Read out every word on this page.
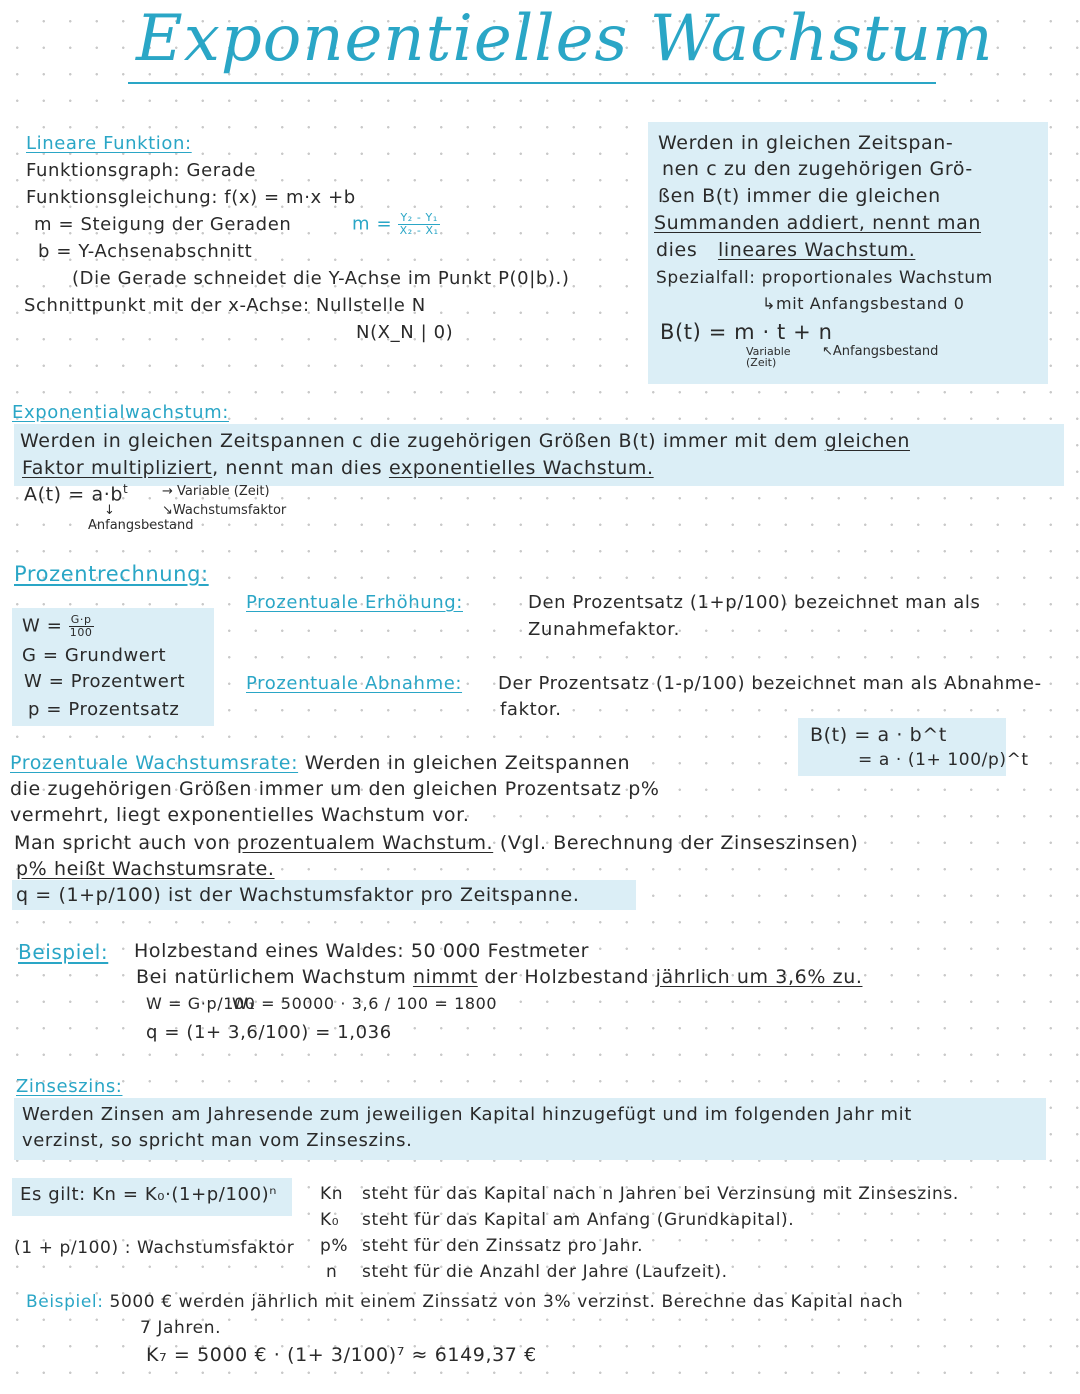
Exponentielles Wachstum
Lineare Funktion:
Funktionsgraph: Gerade
Funktionsgleichung: f(x) = m·x +b
m = Steigung der Geraden	$m = \frac{\text{Y₂ - Y₁}}{\text{X₂ - X₁}}$
b = Y-Achsenabschnitt
(Die Gerade schneidet die Y-Achse im Punkt P(0|b).)
Schnittpunkt mit der x-Achse: Nullstelle N
N(X_N | 0)
Werden in gleichen Zeitspan-
nen c zu den zugehörigen Grö-
ßen B(t) immer die gleichen
Summanden addiert, nennt man
dies lineares Wachstum.
Spezialfall: proportionales Wachstum
↳mit Anfangsbestand 0
B(t) = m · t + n
Variable (Zeit)
↖Anfangsbestand
Exponentialwachstum:
Werden in gleichen Zeitspannen c die zugehörigen Größen B(t) immer mit dem gleichen
Faktor multipliziert, nennt man dies exponentielles Wachstum.
$A(t) = a\cdot b^t$	→ Variable (Zeit)
↘Wachstumsfaktor
↓
Anfangsbestand
Prozentrechnung:
$W = \frac{G\cdot p}{100}$
G = Grundwert
W = Prozentwert
p = Prozentsatz
Prozentuale Erhöhung:	Den Prozentsatz (1+p/100) bezeichnet man als
Zunahmefaktor.
Prozentuale Abnahme: Der Prozentsatz (1-p/100) bezeichnet man als Abnahme-
faktor.
B(t) = a · b^t
= a · (1+ 100/p)^t
Prozentuale Wachstumsrate: Werden in gleichen Zeitspannen
die zugehörigen Größen immer um den gleichen Prozentsatz p%
vermehrt, liegt exponentielles Wachstum vor.
Man spricht auch von prozentualem Wachstum. (Vgl. Berechnung der Zinseszinsen)
p% heißt Wachstumsrate.
q = (1+p/100) ist der Wachstumsfaktor pro Zeitspanne.
Beispiel: Holzbestand eines Waldes: 50 000 Festmeter
Bei natürlichem Wachstum nimmt der Holzbestand jährlich um 3,6% zu.
W = G·p/100
W₁ = 50000 · 3,6 / 100 = 1800
q = (1+ 3,6/100) = 1,036
Zinseszins:
Werden Zinsen am Jahresende zum jeweiligen Kapital hinzugefügt und im folgenden Jahr mit
verzinst, so spricht man vom Zinseszins.
Es gilt: Kn = K₀·(1+p/100)ⁿ
(1 + p/100) : Wachstumsfaktor
Kn steht für das Kapital nach n Jahren bei Verzinsung mit Zinseszins.
K₀ steht für das Kapital am Anfang (Grundkapital).
p% steht für den Zinssatz pro Jahr.
n steht für die Anzahl der Jahre (Laufzeit).
Beispiel: 5000 € werden jährlich mit einem Zinssatz von 3% verzinst. Berechne das Kapital nach
7 Jahren.
K₇ = 5000 € · (1+ 3/100)⁷ ≈ 6149,37 €
